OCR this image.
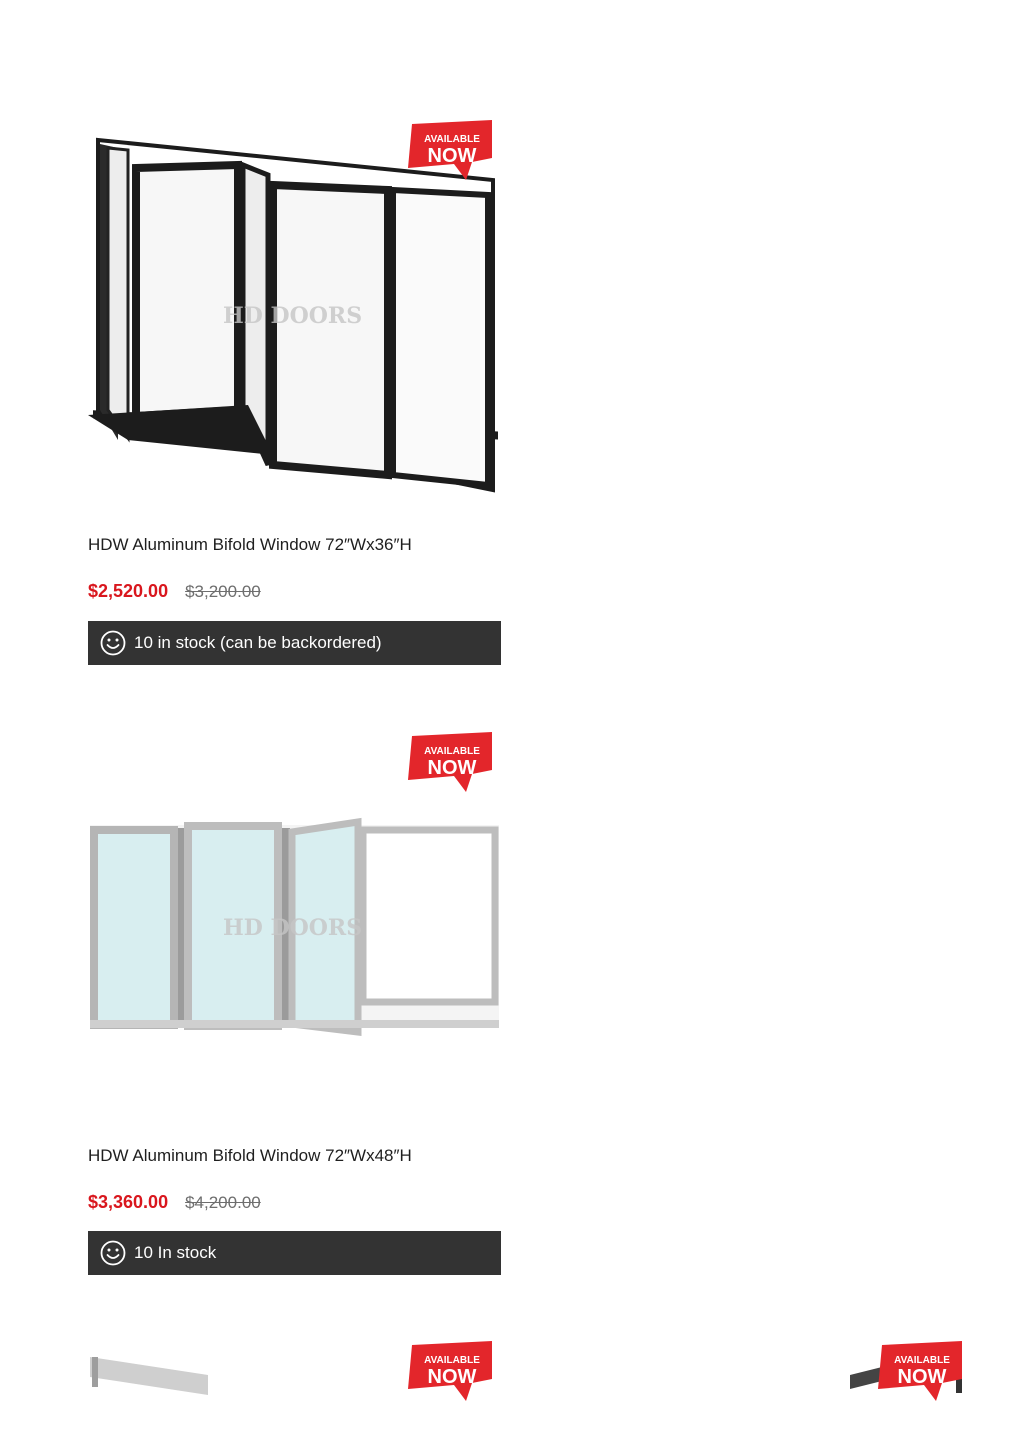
HD DOORS
AVAILABLE
NOW
HDW Aluminum Bifold Window 72″Wx36″H
$2,520.00 $3,200.00
10 in stock (can be backordered)
HD DOORS
AVAILABLE
NOW
HDW Aluminum Bifold Window 72″Wx48″H
$3,360.00 $4,200.00
10 In stock
AVAILABLE
NOW
AVAILABLE
NOW
